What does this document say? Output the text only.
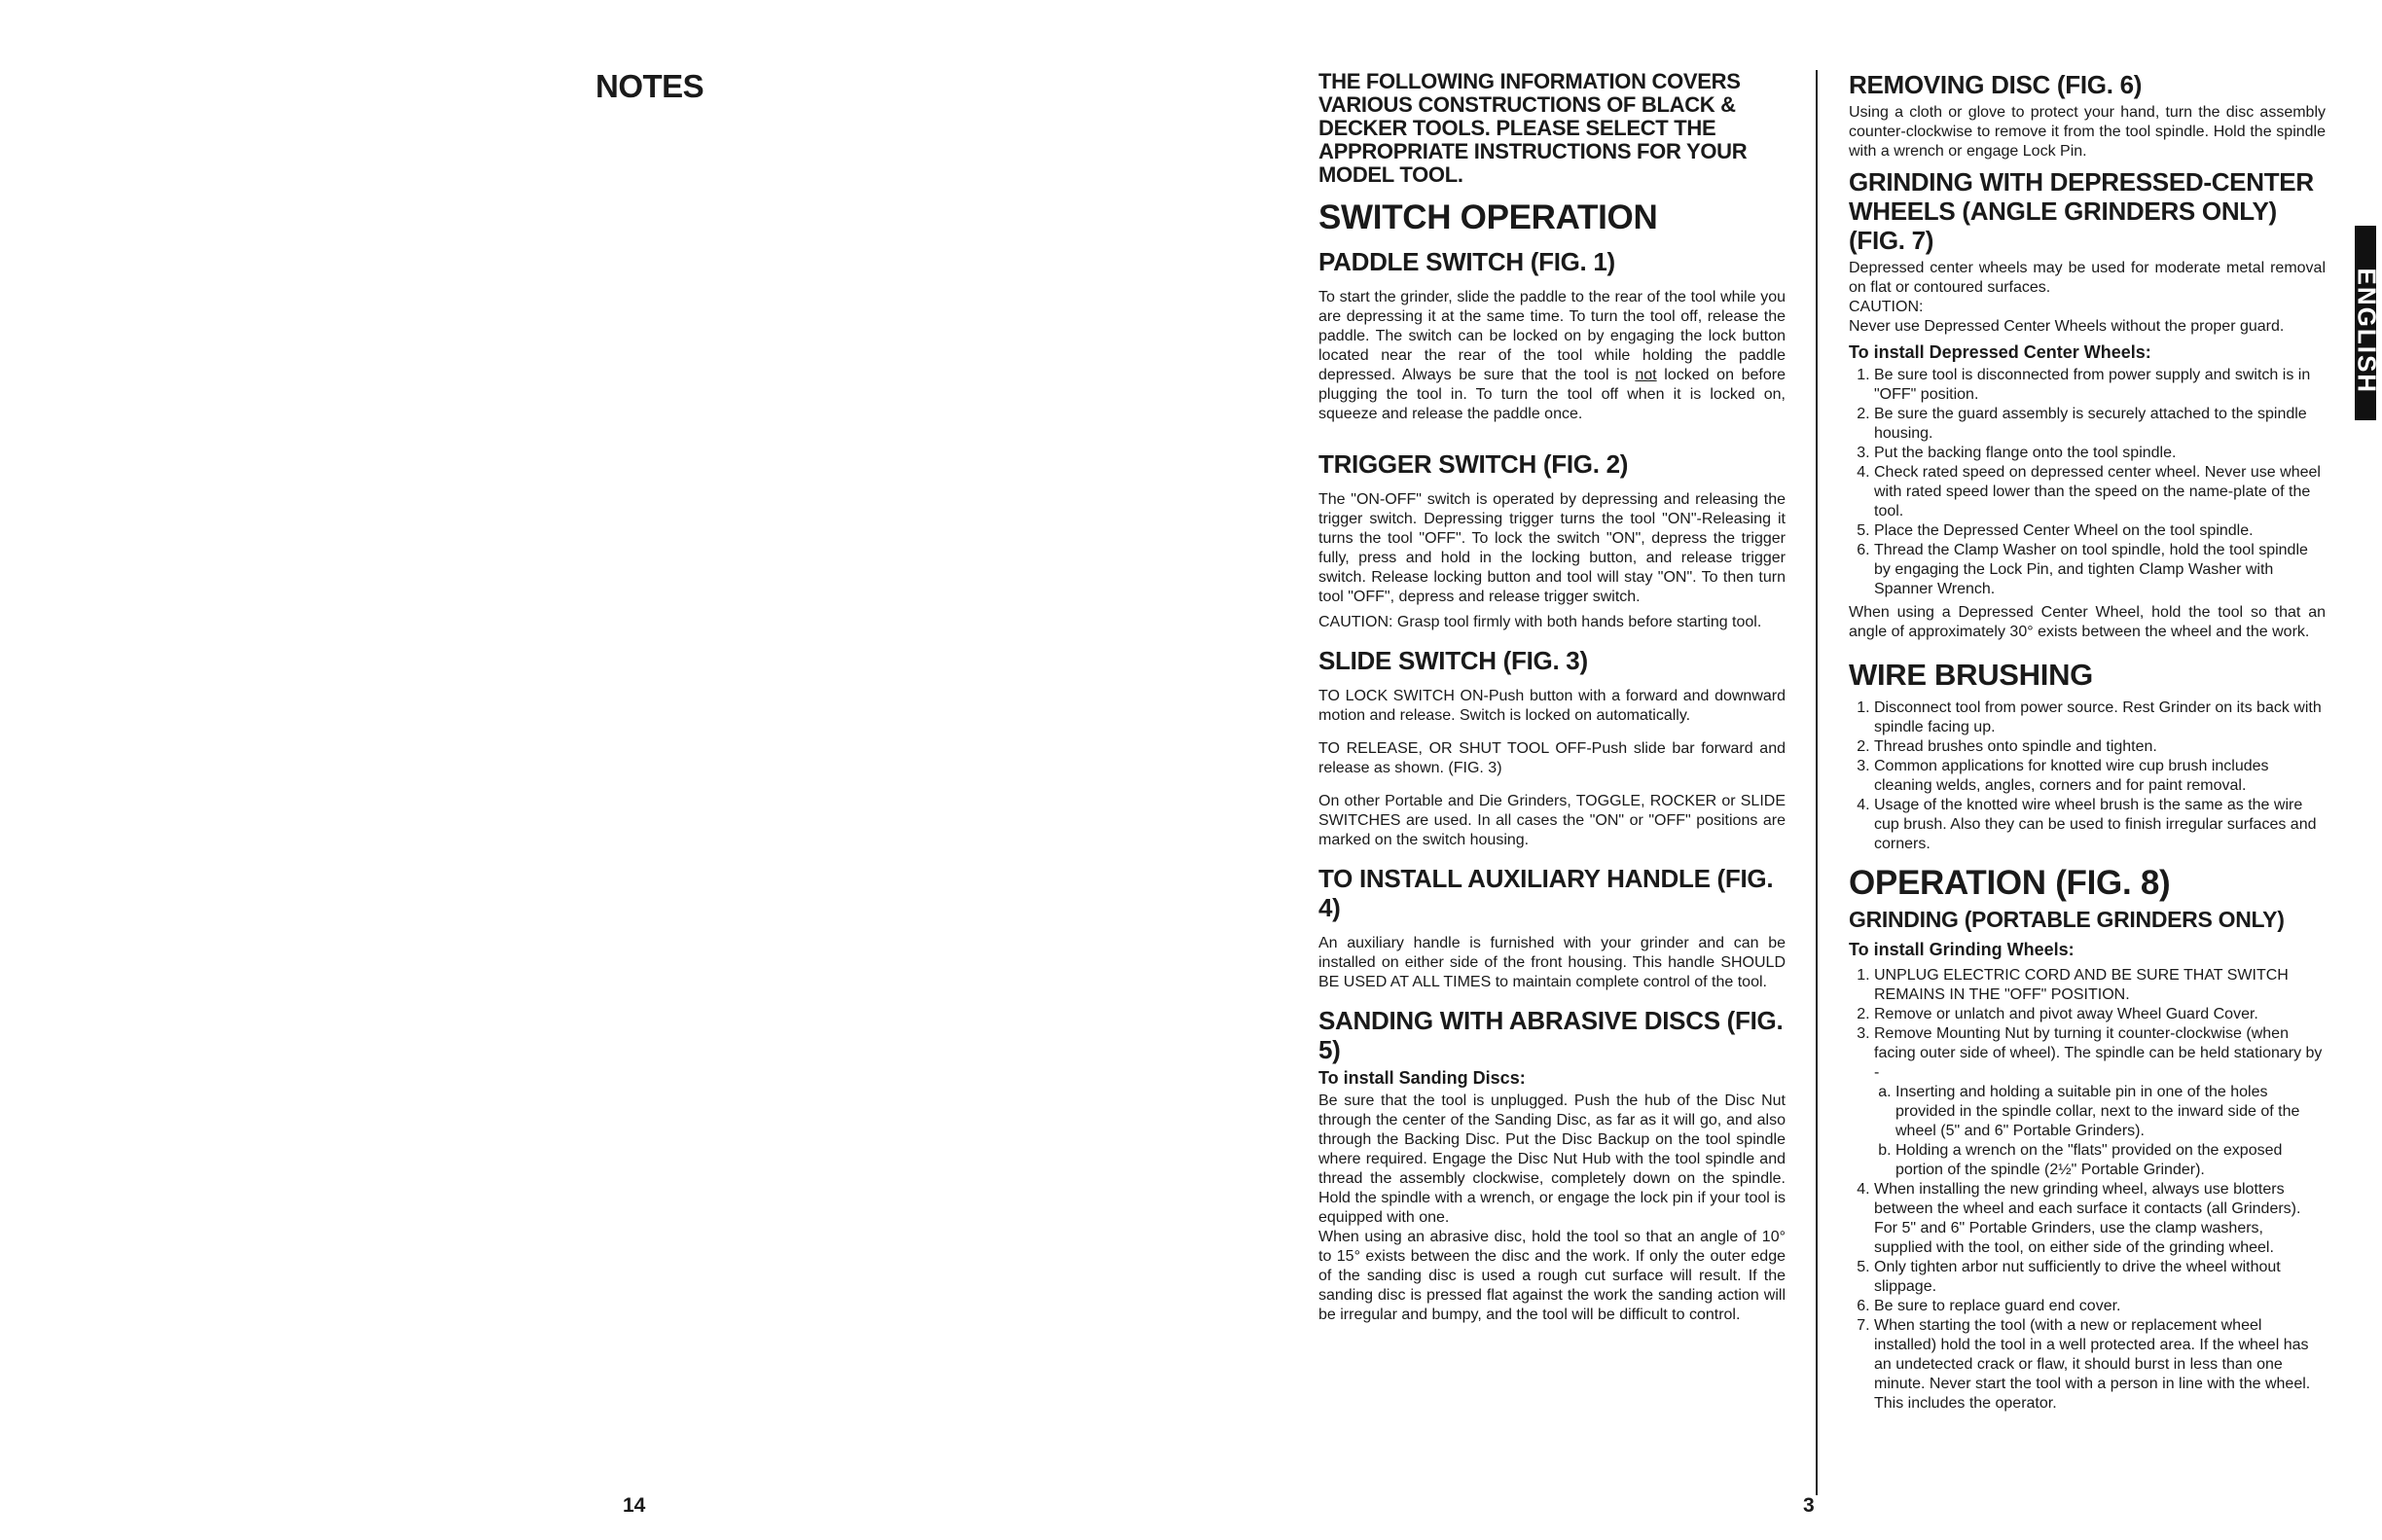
NOTES
14	3
ENGLISH

THE FOLLOWING INFORMATION COVERS VARIOUS CONSTRUCTIONS OF BLACK & DECKER TOOLS. PLEASE SELECT THE APPROPRIATE INSTRUCTIONS FOR YOUR MODEL TOOL.

SWITCH OPERATION
PADDLE SWITCH (FIG. 1)

To start the grinder, slide the paddle to the rear of the tool while you are depressing it at the same time. To turn the tool off, release the paddle. The switch can be locked on by engaging the lock button located near the rear of the tool while holding the paddle depressed. Always be sure that the tool is not locked on before plugging the tool in. To turn the tool off when it is locked on, squeeze and release the paddle once.

TRIGGER SWITCH (FIG. 2)

The "ON-OFF" switch is operated by depressing and releasing the trigger switch. Depressing trigger turns the tool "ON"-Releasing it turns the tool "OFF". To lock the switch "ON", depress the trigger fully, press and hold in the locking button, and release trigger switch. Release locking button and tool will stay "ON". To then turn tool "OFF", depress and release trigger switch.

CAUTION: Grasp tool firmly with both hands before starting tool.

SLIDE SWITCH (FIG. 3)

TO LOCK SWITCH ON-Push button with a forward and downward motion and release. Switch is locked on automatically.

TO RELEASE, OR SHUT TOOL OFF-Push slide bar forward and release as shown. (FIG. 3)

On other Portable and Die Grinders, TOGGLE, ROCKER or SLIDE SWITCHES are used. In all cases the "ON" or "OFF" positions are marked on the switch housing.

TO INSTALL AUXILIARY HANDLE (FIG. 4)

An auxiliary handle is furnished with your grinder and can be installed on either side of the front housing. This handle SHOULD BE USED AT ALL TIMES to maintain complete control of the tool.

SANDING WITH ABRASIVE DISCS (FIG. 5)
To install Sanding Discs:

Be sure that the tool is unplugged. Push the hub of the Disc Nut through the center of the Sanding Disc, as far as it will go, and also through the Backing Disc. Put the Disc Backup on the tool spindle where required. Engage the Disc Nut Hub with the tool spindle and thread the assembly clockwise, completely down on the spindle. Hold the spindle with a wrench, or engage the lock pin if your tool is equipped with one.

When using an abrasive disc, hold the tool so that an angle of 10° to 15° exists between the disc and the work. If only the outer edge of the sanding disc is used a rough cut surface will result. If the sanding disc is pressed flat against the work the sanding action will be irregular and bumpy, and the tool will be difficult to control.

REMOVING DISC (FIG. 6)

Using a cloth or glove to protect your hand, turn the disc assembly counter-clockwise to remove it from the tool spindle. Hold the spindle with a wrench or engage Lock Pin.

GRINDING WITH DEPRESSED-CENTER WHEELS (ANGLE GRINDERS ONLY) (FIG. 7)

Depressed center wheels may be used for moderate metal removal on flat or contoured surfaces.

CAUTION:

Never use Depressed Center Wheels without the proper guard.

To install Depressed Center Wheels:
1. Be sure tool is disconnected from power supply and switch is in "OFF" position.
2. Be sure the guard assembly is securely attached to the spindle housing.
3. Put the backing flange onto the tool spindle.
4. Check rated speed on depressed center wheel. Never use wheel with rated speed lower than the speed on the name-plate of the tool.
5. Place the Depressed Center Wheel on the tool spindle.
6. Thread the Clamp Washer on tool spindle, hold the tool spindle by engaging the Lock Pin, and tighten Clamp Washer with Spanner Wrench.

When using a Depressed Center Wheel, hold the tool so that an angle of approximately 30° exists between the wheel and the work.

WIRE BRUSHING
1. Disconnect tool from power source. Rest Grinder on its back with spindle facing up.
2. Thread brushes onto spindle and tighten.
3. Common applications for knotted wire cup brush includes cleaning welds, angles, corners and for paint removal.
4. Usage of the knotted wire wheel brush is the same as the wire cup brush. Also they can be used to finish irregular surfaces and corners.
OPERATION (FIG. 8)
GRINDING (PORTABLE GRINDERS ONLY)
To install Grinding Wheels:
1. UNPLUG ELECTRIC CORD AND BE SURE THAT SWITCH REMAINS IN THE "OFF" POSITION.
2. Remove or unlatch and pivot away Wheel Guard Cover.
3. Remove Mounting Nut by turning it counter-clockwise (when facing outer side of wheel). The spindle can be held stationary by -
a. Inserting and holding a suitable pin in one of the holes provided in the spindle collar, next to the inward side of the wheel (5" and 6" Portable Grinders).
b. Holding a wrench on the "flats" provided on the exposed portion of the spindle (2½" Portable Grinder).
4. When installing the new grinding wheel, always use blotters between the wheel and each surface it contacts (all Grinders). For 5" and 6" Portable Grinders, use the clamp washers, supplied with the tool, on either side of the grinding wheel.
5. Only tighten arbor nut sufficiently to drive the wheel without slippage.
6. Be sure to replace guard end cover.
7. When starting the tool (with a new or replacement wheel installed) hold the tool in a well protected area. If the wheel has an undetected crack or flaw, it should burst in less than one minute. Never start the tool with a person in line with the wheel. This includes the operator.
